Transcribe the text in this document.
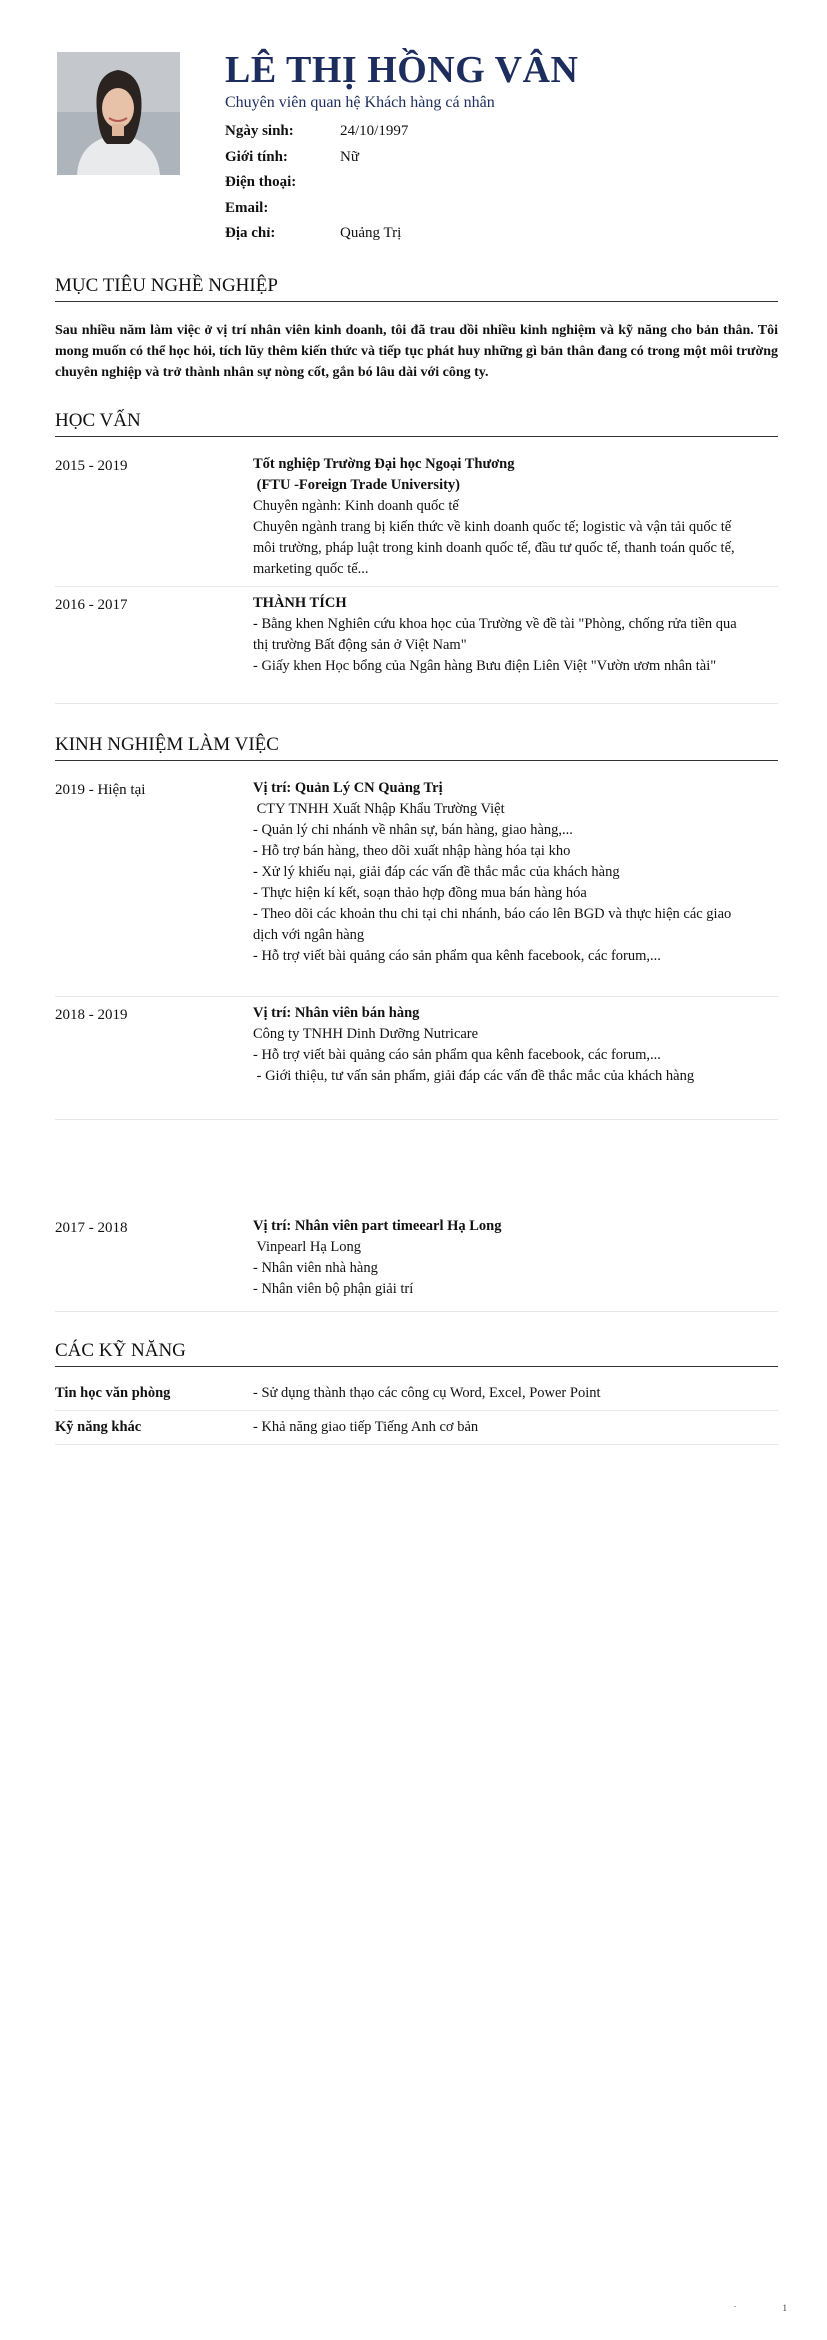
LÊ THỊ HỒNG VÂN
Chuyên viên quan hệ Khách hàng cá nhân
Ngày sinh:	24/10/1997
Giới tính:	Nữ
Điện thoại:
Email:
Địa chỉ:	Quảng Trị
MỤC TIÊU NGHỀ NGHIỆP
Sau nhiều năm làm việc ở vị trí nhân viên kinh doanh, tôi đã trau dồi nhiều kinh nghiệm và kỹ năng cho bản thân. Tôi mong muốn có thể học hỏi, tích lũy thêm kiến thức và tiếp tục phát huy những gì bản thân đang có trong một môi trường chuyên nghiệp và trở thành nhân sự nòng cốt, gắn bó lâu dài với công ty.
HỌC VẤN
2015 - 2019	Tốt nghiệp Trường Đại học Ngoại Thương
(FTU -Foreign Trade University)
Chuyên ngành: Kinh doanh quốc tế
Chuyên ngành trang bị kiến thức về kinh doanh quốc tế; logistic và vận tải quốc tế môi trường, pháp luật trong kinh doanh quốc tế, đầu tư quốc tế, thanh toán quốc tế, marketing quốc tế...
2016 - 2017	THÀNH TÍCH
- Bằng khen Nghiên cứu khoa học của Trường về đề tài "Phòng, chống rửa tiền qua thị trường Bất động sản ở Việt Nam"
- Giấy khen Học bổng của Ngân hàng Bưu điện Liên Việt "Vườn ươm nhân tài"
KINH NGHIỆM LÀM VIỆC
2019 - Hiện tại	Vị trí: Quản Lý CN Quảng Trị
CTY TNHH Xuất Nhập Khẩu Trường Việt
- Quản lý chi nhánh về nhân sự, bán hàng, giao hàng,...
- Hỗ trợ bán hàng, theo dõi xuất nhập hàng hóa tại kho
- Xử lý khiếu nại, giải đáp các vấn đề thắc mắc của khách hàng
- Thực hiện kí kết, soạn thảo hợp đồng mua bán hàng hóa
- Theo dõi các khoản thu chi tại chi nhánh, báo cáo lên BGD và thực hiện các giao dịch với ngân hàng
- Hỗ trợ viết bài quảng cáo sản phẩm qua kênh facebook, các forum,...
2018 - 2019	Vị trí: Nhân viên bán hàng
Công ty TNHH Dinh Dưỡng Nutricare
- Hỗ trợ viết bài quảng cáo sản phẩm qua kênh facebook, các forum,...
- Giới thiệu, tư vấn sản phẩm, giải đáp các vấn đề thắc mắc của khách hàng
2017 - 2018	Vị trí: Nhân viên part timeearl Hạ Long
Vinpearl Hạ Long
- Nhân viên nhà hàng
- Nhân viên bộ phận giải trí
CÁC KỸ NĂNG
Tin học văn phòng	- Sử dụng thành thạo các công cụ Word, Excel, Power Point
Kỹ năng khác	- Khả năng giao tiếp Tiếng Anh cơ bản
1
